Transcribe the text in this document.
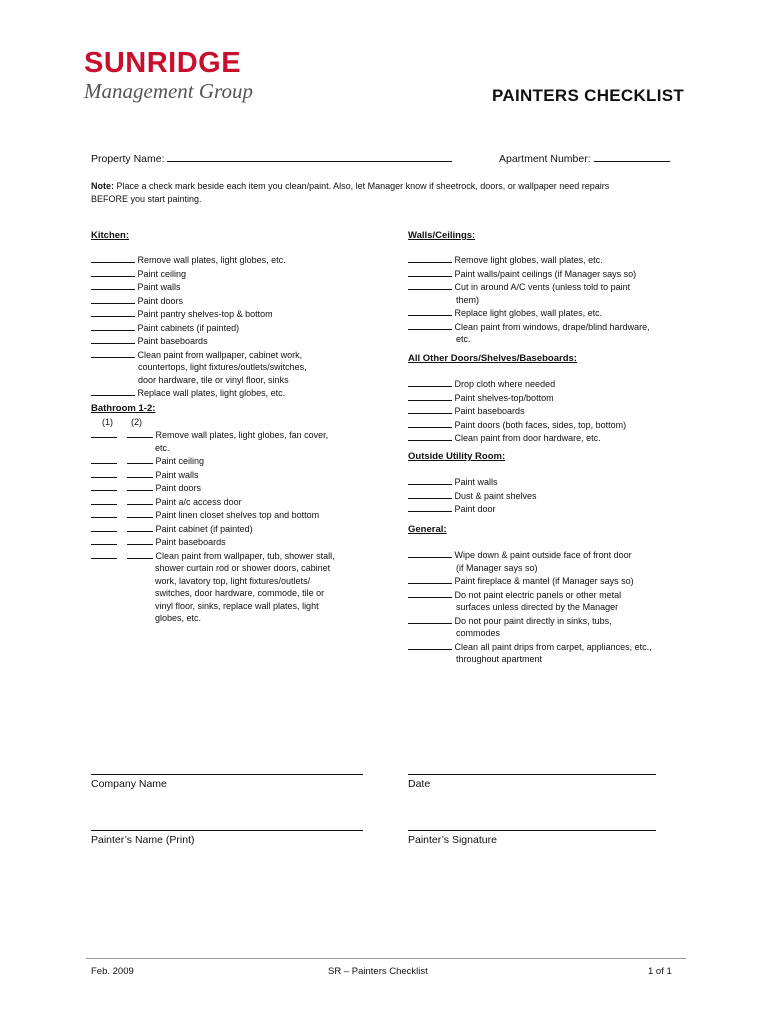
SUNRIDGE
Management Group	PAINTERS CHECKLIST
Property Name:	Apartment Number:
Note: Place a check mark beside each item you clean/paint. Also, let Manager know if sheetrock, doors, or wallpaper need repairs
BEFORE you start painting.
Kitchen:
Remove wall plates, light globes, etc.
Paint ceiling
Paint walls
Paint doors
Paint pantry shelves-top & bottom
Paint cabinets (if painted)
Paint baseboards
Clean paint from wallpaper, cabinet work,
countertops, light fixtures/outlets/switches,
door hardware, tile or vinyl floor, sinks
Replace wall plates, light globes, etc.
Bathroom 1-2:
(1) (2)
Remove wall plates, light globes, fan cover,
etc.
Paint ceiling
Paint walls
Paint doors
Paint a/c access door
Paint linen closet shelves top and bottom
Paint cabinet (if painted)
Paint baseboards
Clean paint from wallpaper, tub, shower stall,
shower curtain rod or shower doors, cabinet
work, lavatory top, light fixtures/outlets/
switches, door hardware, commode, tile or
vinyl floor, sinks, replace wall plates, light
globes, etc.
Walls/Ceilings:
Remove light globes, wall plates, etc.
Paint walls/paint ceilings (if Manager says so)
Cut in around A/C vents (unless told to paint
them)
Replace light globes, wall plates, etc.
Clean paint from windows, drape/blind hardware,
etc.
All Other Doors/Shelves/Baseboards:
Drop cloth where needed
Paint shelves-top/bottom
Paint baseboards
Paint doors (both faces, sides, top, bottom)
Clean paint from door hardware, etc.
Outside Utility Room:
Paint walls
Dust & paint shelves
Paint door
General:
Wipe down & paint outside face of front door
(if Manager says so)
Paint fireplace & mantel (if Manager says so)
Do not paint electric panels or other metal
surfaces unless directed by the Manager
Do not pour paint directly in sinks, tubs,
commodes
Clean all paint drips from carpet, appliances, etc.,
throughout apartment
Company Name	Date
Painter’s Name (Print)	Painter’s Signature
Feb. 2009	SR – Painters Checklist	1 of 1
